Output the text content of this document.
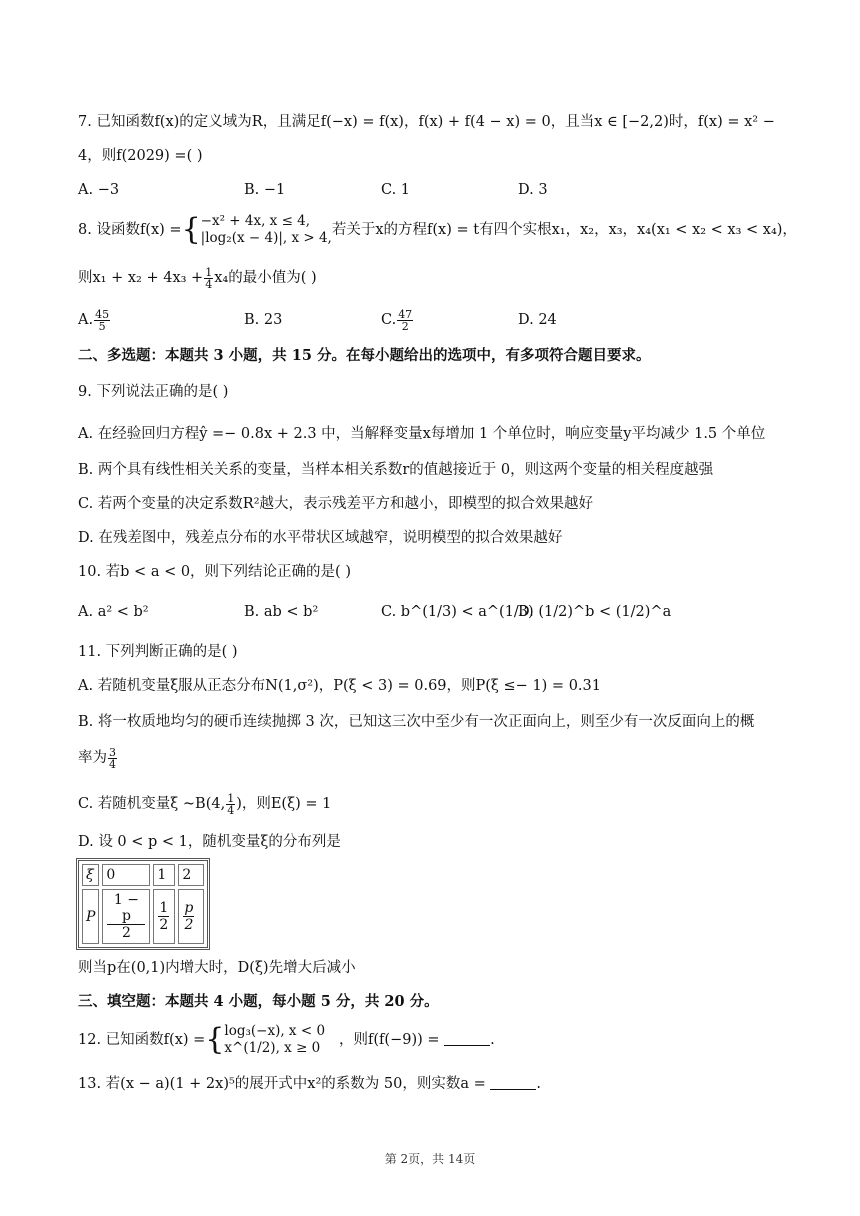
7. 已知函数f(x)的定义域为R，且满足f(−x) = f(x)，f(x) + f(4 − x) = 0，且当x ∈ [−2,2)时，f(x) = x² −
4，则f(2029) =( )
A. −3	B. −1	C. 1	D. 3
8. 设函数f(x) ={ −x² + 4x, x ≤ 4,
|log₂(x − 4)|, x > 4, 若关于x的方程f(x) = t有四个实根x₁，x₂，x₃，x₄(x₁ < x₂ < x₃ < x₄)，
则$x_1 + x_2 + 4x_3 + \frac{1}{4} x_4$的最小值为( )
A. $\frac{45}{5}$	B. 23	C. $\frac{47}{2}$	D. 24
二、多选题：本题共 3 小题，共 15 分。在每小题给出的选项中，有多项符合题目要求。
9. 下列说法正确的是( )
A. 在经验回归方程ŷ =− 0.8x + 2.3 中，当解释变量x每增加 1 个单位时，响应变量y平均减少 1.5 个单位
B. 两个具有线性相关关系的变量，当样本相关系数r的值越接近于 0，则这两个变量的相关程度越强
C. 若两个变量的决定系数R²越大，表示残差平方和越小，即模型的拟合效果越好
D. 在残差图中，残差点分布的水平带状区域越窄，说明模型的拟合效果越好
10. 若b < a < 0，则下列结论正确的是( )
A. a² < b²	B. ab < b²	C. b^(1/3) < a^(1/3)
D. (1/2)^b < (1/2)^a
11. 下列判断正确的是( )
A. 若随机变量ξ服从正态分布N(1,σ²)，P(ξ < 3) = 0.69，则P(ξ ≤− 1) = 0.31
B. 将一枚质地均匀的硬币连续抛掷 3 次，已知这三次中至少有一次正面向上，则至少有一次反面向上的概
率为 $\frac{3}{4}$
C. 若随机变量ξ ~B(4, $\frac{1}{4}$ )，则E(ξ) = 1
D. 设 0 < p < 1，随机变量ξ的分布列是
ξ	0	1	2
P	$\frac{1 - p}{2}$	$\frac{1}{2}$	$\frac{p}{2}$
则当p在(0,1)内增大时，D(ξ)先增大后减小
三、填空题：本题共 4 小题，每小题 5 分，共 20 分。
12. 已知函数f(x) ={ log₃(−x), x < 0
x^(1/2), x ≥ 0	，则f(f(−9)) =	.
13. 若(x − a)(1 + 2x)⁵的展开式中x²的系数为 50，则实数a =	.
第 2页，共 14页
